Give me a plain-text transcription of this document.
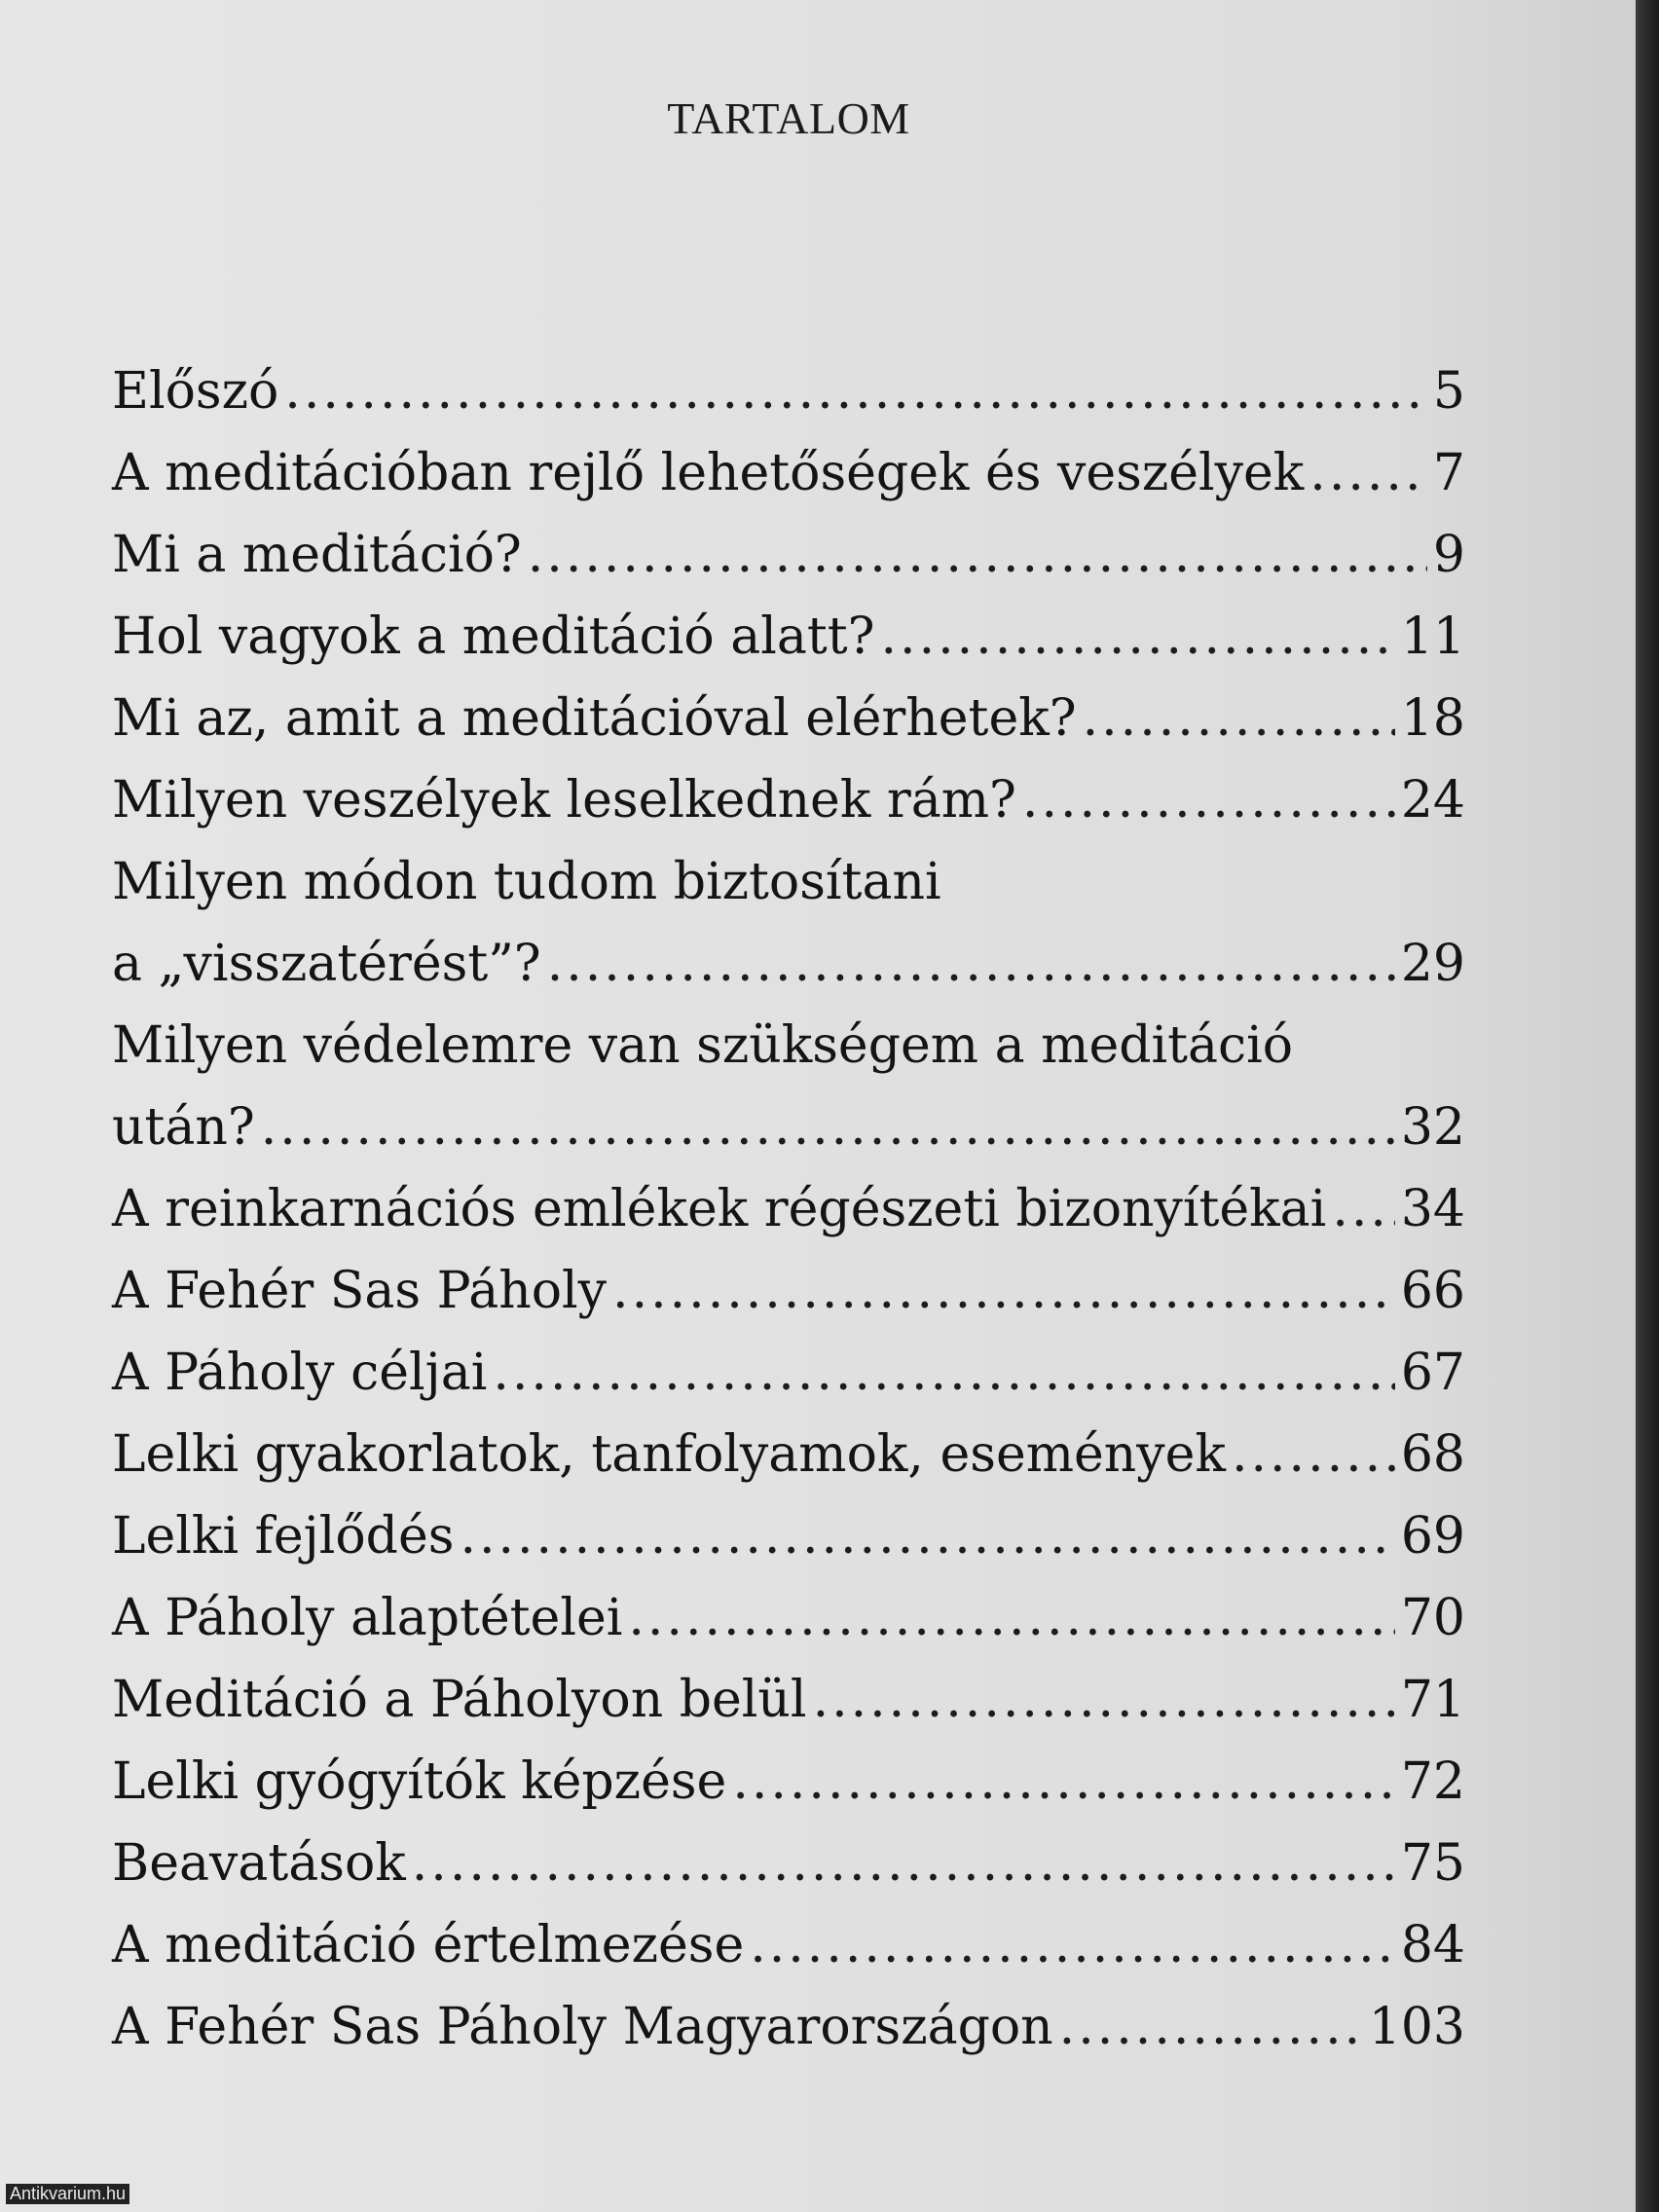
TARTALOM
Előszó .....	5
A meditációban rejlő lehetőségek és veszélyek .....	7
Mi a meditáció? .....	9
Hol vagyok a meditáció alatt? .....	11
Mi az, amit a meditációval elérhetek? .....	18
Milyen veszélyek leselkednek rám? .....	24
Milyen módon tudom biztosítani
a „visszatérést”? .....	29
Milyen védelemre van szükségem a meditáció
után? .....	32
A reinkarnációs emlékek régészeti bizonyítékai ..... 34
A Fehér Sas Páholy .....	66
A Páholy céljai .....	67
Lelki gyakorlatok, tanfolyamok, események .....	68
Lelki fejlődés .....	69
A Páholy alaptételei .....	70
Meditáció a Páholyon belül .....	71
Lelki gyógyítók képzése .....	72
Beavatások .....	75
A meditáció értelmezése .....	84
A Fehér Sas Páholy Magyarországon .....	103
Antikvarium.hu
